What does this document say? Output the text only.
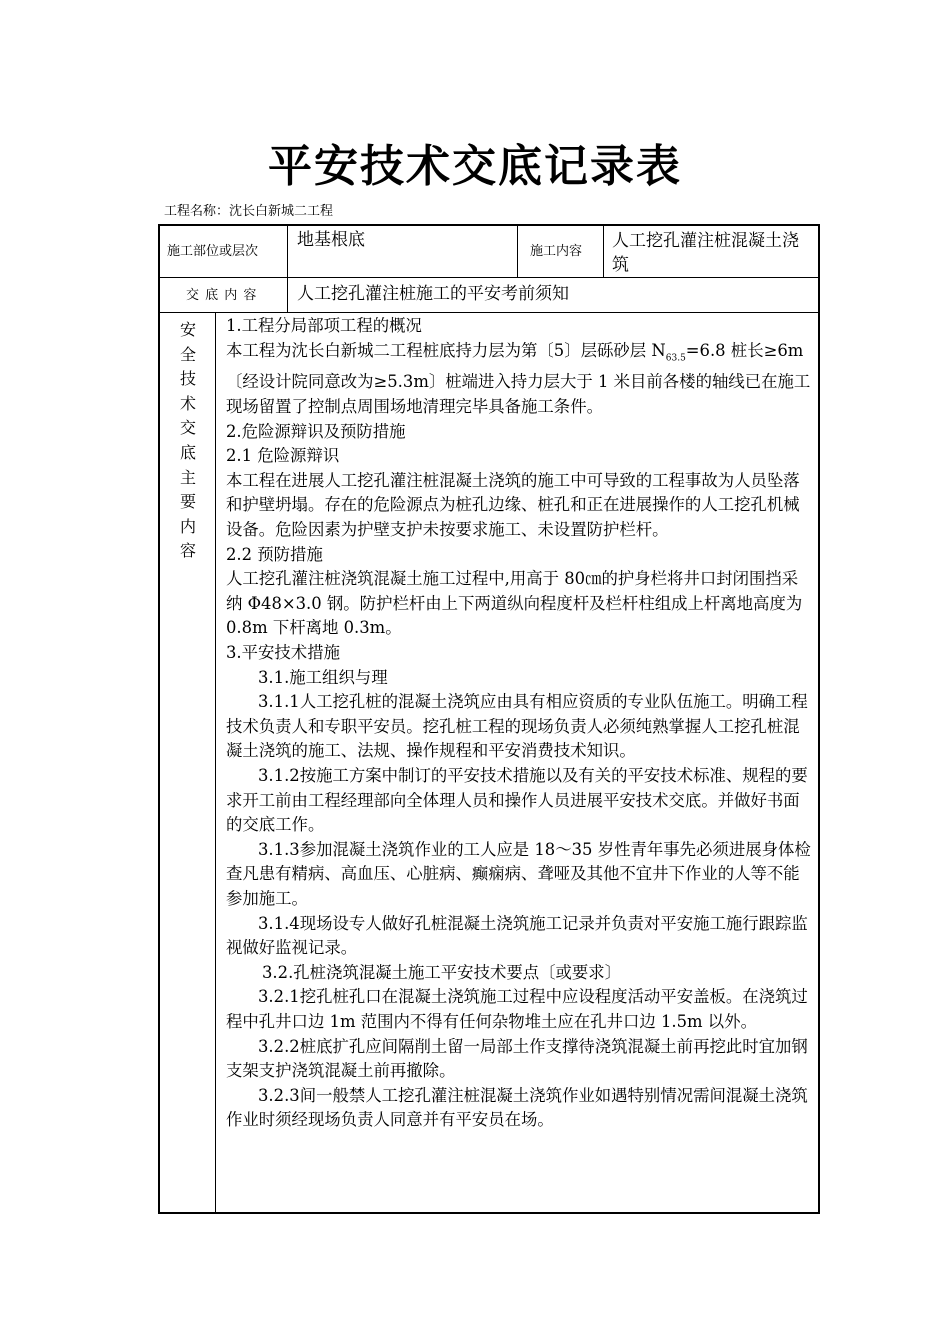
平安技术交底记录表
工程名称：沈长白新城二工程
施工部位或层次
地基根底
施工内容
人工挖孔灌注桩混凝土浇筑
交 底 内 容 人工挖孔灌注桩施工的平安考前须知
安
全
技
术
交
底
主
要
内
容

1.工程分局部项工程的概况

本工程为沈长白新城二工程桩底持力层为第〔5〕层砾砂层 $N_{63.5}=6.8$ 桩长≥6m〔经设计院同意改为≥5.3m〕桩端进入持力层大于 1 米目前各楼的轴线已在施工现场留置了控制点周围场地清理完毕具备施工条件。

2.危险源辩识及预防措施

2.1 危险源辩识

本工程在进展人工挖孔灌注桩混凝土浇筑的施工中可导致的工程事故为人员坠落和护壁坍塌。存在的危险源点为桩孔边缘、桩孔和正在进展操作的人工挖孔机械设备。危险因素为护壁支护未按要求施工、未设置防护栏杆。

2.2 预防措施

人工挖孔灌注桩浇筑混凝土施工过程中,用高于 80㎝的护身栏将井口封闭围挡采纳 Φ48×3.0 钢。防护栏杆由上下两道纵向程度杆及栏杆柱组成上杆离地高度为 0.8m 下杆离地 0.3m。

3.平安技术措施

3.1.施工组织与理

3.1.1人工挖孔桩的混凝土浇筑应由具有相应资质的专业队伍施工。明确工程技术负责人和专职平安员。挖孔桩工程的现场负责人必须纯熟掌握人工挖孔桩混凝土浇筑的施工、法规、操作规程和平安消费技术知识。

3.1.2按施工方案中制订的平安技术措施以及有关的平安技术标准、规程的要求开工前由工程经理部向全体理人员和操作人员进展平安技术交底。并做好书面的交底工作。

3.1.3参加混凝土浇筑作业的工人应是 18～35 岁性青年事先必须进展身体检查凡患有精病、高血压、心脏病、癫痫病、聋哑及其他不宜井下作业的人等不能参加施工。

3.1.4现场设专人做好孔桩混凝土浇筑施工记录并负责对平安施工施行跟踪监视做好监视记录。

3.2.孔桩浇筑混凝土施工平安技术要点〔或要求〕

3.2.1挖孔桩孔口在混凝土浇筑施工过程中应设程度活动平安盖板。在浇筑过程中孔井口边 1m 范围内不得有任何杂物堆土应在孔井口边 1.5m 以外。

3.2.2桩底扩孔应间隔削土留一局部土作支撑待浇筑混凝土前再挖此时宜加钢支架支护浇筑混凝土前再撤除。

3.2.3间一般禁人工挖孔灌注桩混凝土浇筑作业如遇特别情况需间混凝土浇筑作业时须经现场负责人同意并有平安员在场。
